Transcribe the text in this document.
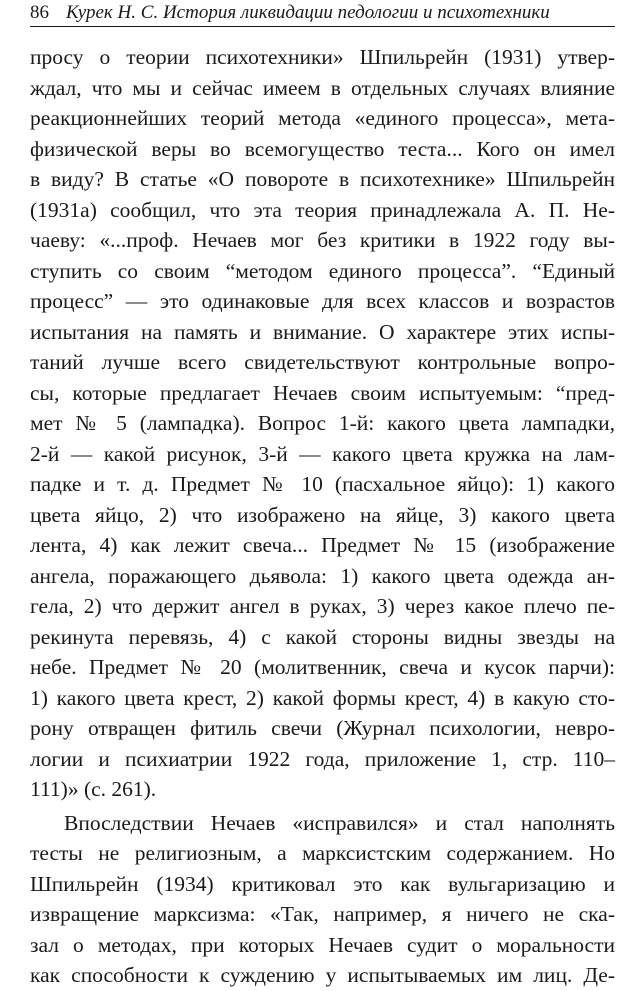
86 Курек Н. С. История ликвидации педологии и психотехники
просу о теории психотехники» Шпильрейн (1931) утвер-
ждал, что мы и сейчас имеем в отдельных случаях влияние
реакционнейших теорий метода «единого процесса», мета-
физической веры во всемогущество теста... Кого он имел
в виду? В статье «О повороте в психотехнике» Шпильрейн
(1931а) сообщил, что эта теория принадлежала А. П. Не-
чаеву: «...проф. Нечаев мог без критики в 1922 году вы-
ступить со своим “методом единого процесса”. “Единый
процесс” — это одинаковые для всех классов и возрастов
испытания на память и внимание. О характере этих испы-
таний лучше всего свидетельствуют контрольные вопро-
сы, которые предлагает Нечаев своим испытуемым: “пред-
мет № 5 (лампадка). Вопрос 1-й: какого цвета лампадки,
2-й — какой рисунок, 3-й — какого цвета кружка на лам-
падке и т. д. Предмет № 10 (пасхальное яйцо): 1) какого
цвета яйцо, 2) что изображено на яйце, 3) какого цвета
лента, 4) как лежит свеча... Предмет № 15 (изображение
ангела, поражающего дьявола: 1) какого цвета одежда ан-
гела, 2) что держит ангел в руках, 3) через какое плечо пе-
рекинута перевязь, 4) с какой стороны видны звезды на
небе. Предмет № 20 (молитвенник, свеча и кусок парчи):
1) какого цвета крест, 2) какой формы крест, 4) в какую сто-
рону отвращен фитиль свечи (Журнал психологии, невро-
логии и психиатрии 1922 года, приложение 1, стр. 110–
111)» (с. 261).
Впоследствии Нечаев «исправился» и стал наполнять
тесты не религиозным, а марксистским содержанием. Но
Шпильрейн (1934) критиковал это как вульгаризацию и
извращение марксизма: «Так, например, я ничего не ска-
зал о методах, при которых Нечаев судит о моральности
как способности к суждению у испытываемых им лиц. Де-
